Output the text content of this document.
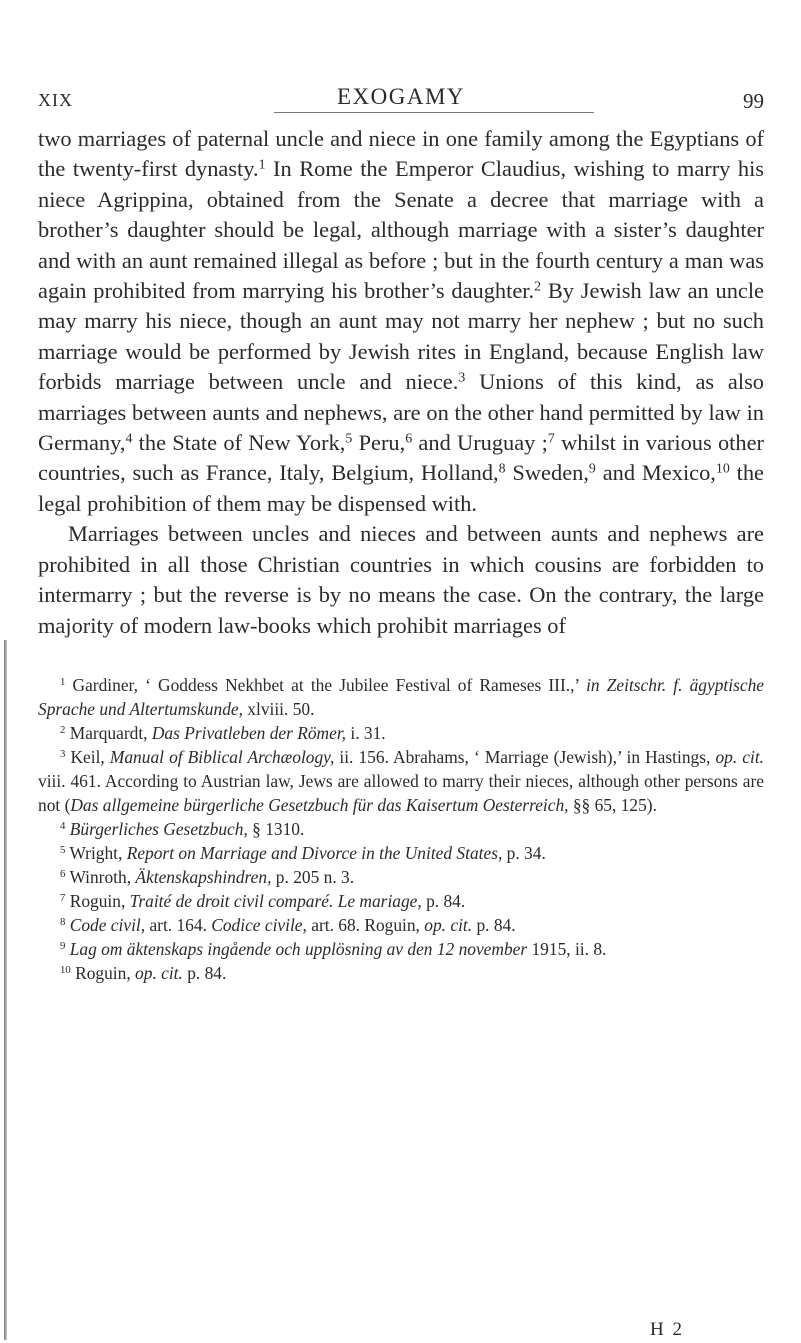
XIX	EXOGAMY	99

two marriages of paternal uncle and niece in one family among the Egyptians of the twenty-first dynasty.$^1$ In Rome the Emperor Claudius, wishing to marry his niece Agrippina, obtained from the Senate a decree that marriage with a brother’s daughter should be legal, although marriage with a sister’s daughter and with an aunt remained illegal as before ; but in the fourth century a man was again prohibited from marrying his brother’s daughter.$^2$ By Jewish law an uncle may marry his niece, though an aunt may not marry her nephew ; but no such marriage would be performed by Jewish rites in England, because English law forbids marriage between uncle and niece.$^3$ Unions of this kind, as also marriages between aunts and nephews, are on the other hand permitted by law in Germany,$^4$ the State of New York,$^5$ Peru,$^6$ and Uruguay ;$^7$ whilst in various other countries, such as France, Italy, Belgium, Holland,$^8$ Sweden,$^9$ and Mexico,$^{10}$ the legal prohibition of them may be dispensed with.

Marriages between uncles and nieces and between aunts and nephews are prohibited in all those Christian countries in which cousins are forbidden to intermarry ; but the reverse is by no means the case. On the contrary, the large majority of modern law-books which prohibit marriages of

$^1$ Gardiner, ‘ Goddess Nekhbet at the Jubilee Festival of Rameses III.,’ in Zeitschr. f. ägyptische Sprache und Altertumskunde, xlviii. 50.

$^2$ Marquardt, Das Privatleben der Römer, i. 31.

$^3$ Keil, Manual of Biblical Archæology, ii. 156. Abrahams, ‘ Marriage (Jewish),’ in Hastings, op. cit. viii. 461. According to Austrian law, Jews are allowed to marry their nieces, although other persons are not (Das allgemeine bürgerliche Gesetzbuch für das Kaisertum Oesterreich, §§ 65, 125).

$^4$ Bürgerliches Gesetzbuch, § 1310.

$^5$ Wright, Report on Marriage and Divorce in the United States, p. 34.

$^6$ Winroth, Äktenskapshindren, p. 205 n. 3.

$^7$ Roguin, Traité de droit civil comparé. Le mariage, p. 84.

$^8$ Code civil, art. 164. Codice civile, art. 68. Roguin, op. cit. p. 84.

$^9$ Lag om äktenskaps ingående och upplösning av den 12 november 1915, ii. 8.

$^{10}$ Roguin, op. cit. p. 84.

H 2
